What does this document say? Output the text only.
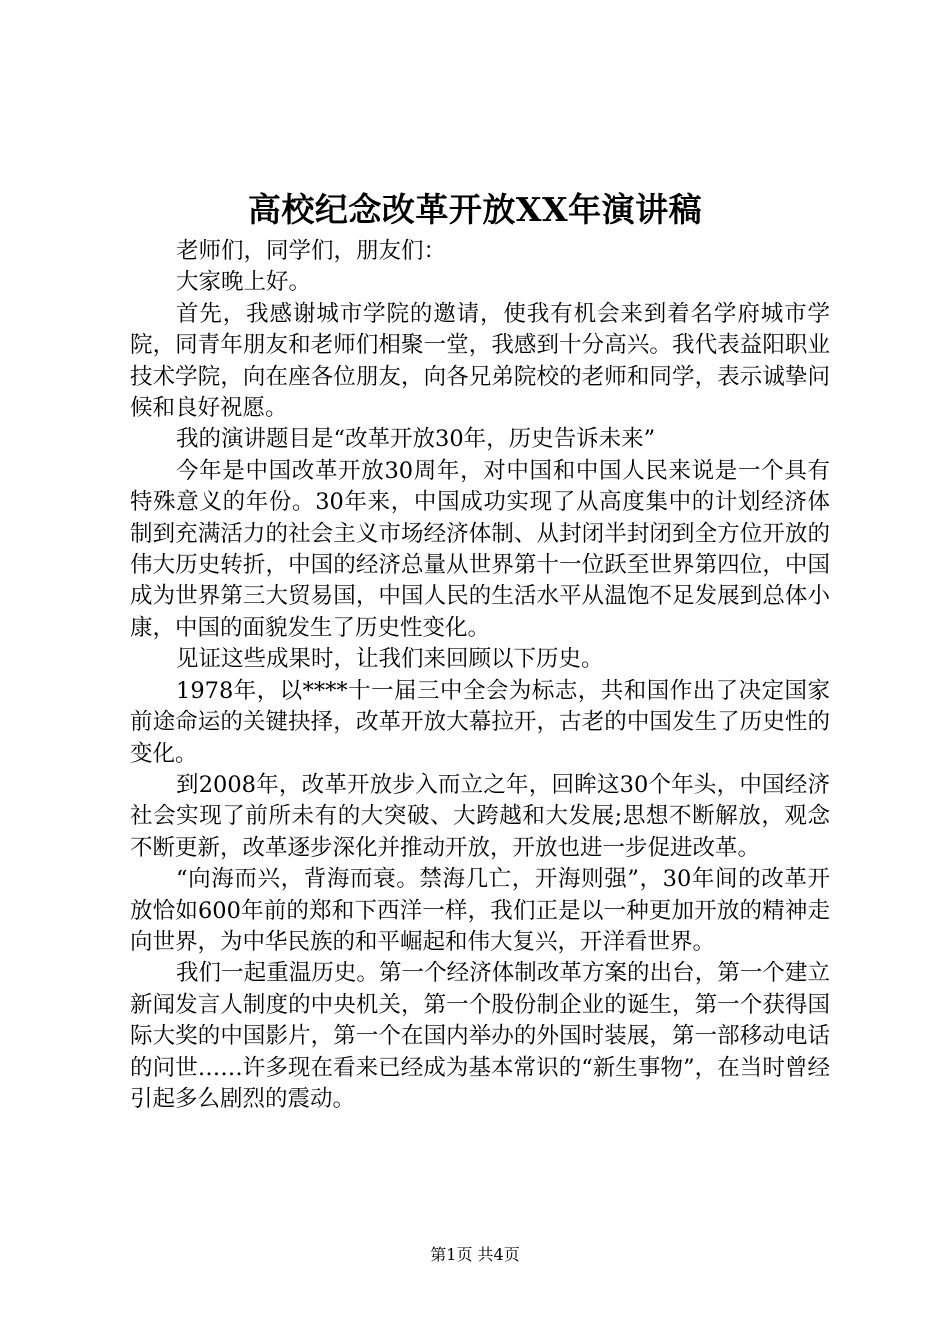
高校纪念改革开放XX年演讲稿

老师们，同学们，朋友们：

大家晚上好。

首先，我感谢城市学院的邀请，使我有机会来到着名学府城市学院，同青年朋友和老师们相聚一堂，我感到十分高兴。我代表益阳职业技术学院，向在座各位朋友，向各兄弟院校的老师和同学，表示诚挚问候和良好祝愿。

我的演讲题目是“改革开放30年，历史告诉未来”

今年是中国改革开放30周年，对中国和中国人民来说是一个具有特殊意义的年份。30年来，中国成功实现了从高度集中的计划经济体制到充满活力的社会主义市场经济体制、从封闭半封闭到全方位开放的伟大历史转折，中国的经济总量从世界第十一位跃至世界第四位，中国成为世界第三大贸易国，中国人民的生活水平从温饱不足发展到总体小康，中国的面貌发生了历史性变化。

见证这些成果时，让我们来回顾以下历史。

1978年，以****十一届三中全会为标志，共和国作出了决定国家前途命运的关键抉择，改革开放大幕拉开，古老的中国发生了历史性的变化。

到2008年，改革开放步入而立之年，回眸这30个年头，中国经济社会实现了前所未有的大突破、大跨越和大发展;思想不断解放，观念不断更新，改革逐步深化并推动开放，开放也进一步促进改革。

“向海而兴，背海而衰。禁海几亡，开海则强”，30年间的改革开放恰如600年前的郑和下西洋一样，我们正是以一种更加开放的精神走向世界，为中华民族的和平崛起和伟大复兴，开洋看世界。

我们一起重温历史。第一个经济体制改革方案的出台，第一个建立新闻发言人制度的中央机关，第一个股份制企业的诞生，第一个获得国际大奖的中国影片，第一个在国内举办的外国时装展，第一部移动电话的问世……许多现在看来已经成为基本常识的“新生事物”，在当时曾经引起多么剧烈的震动。

第1页 共4页
